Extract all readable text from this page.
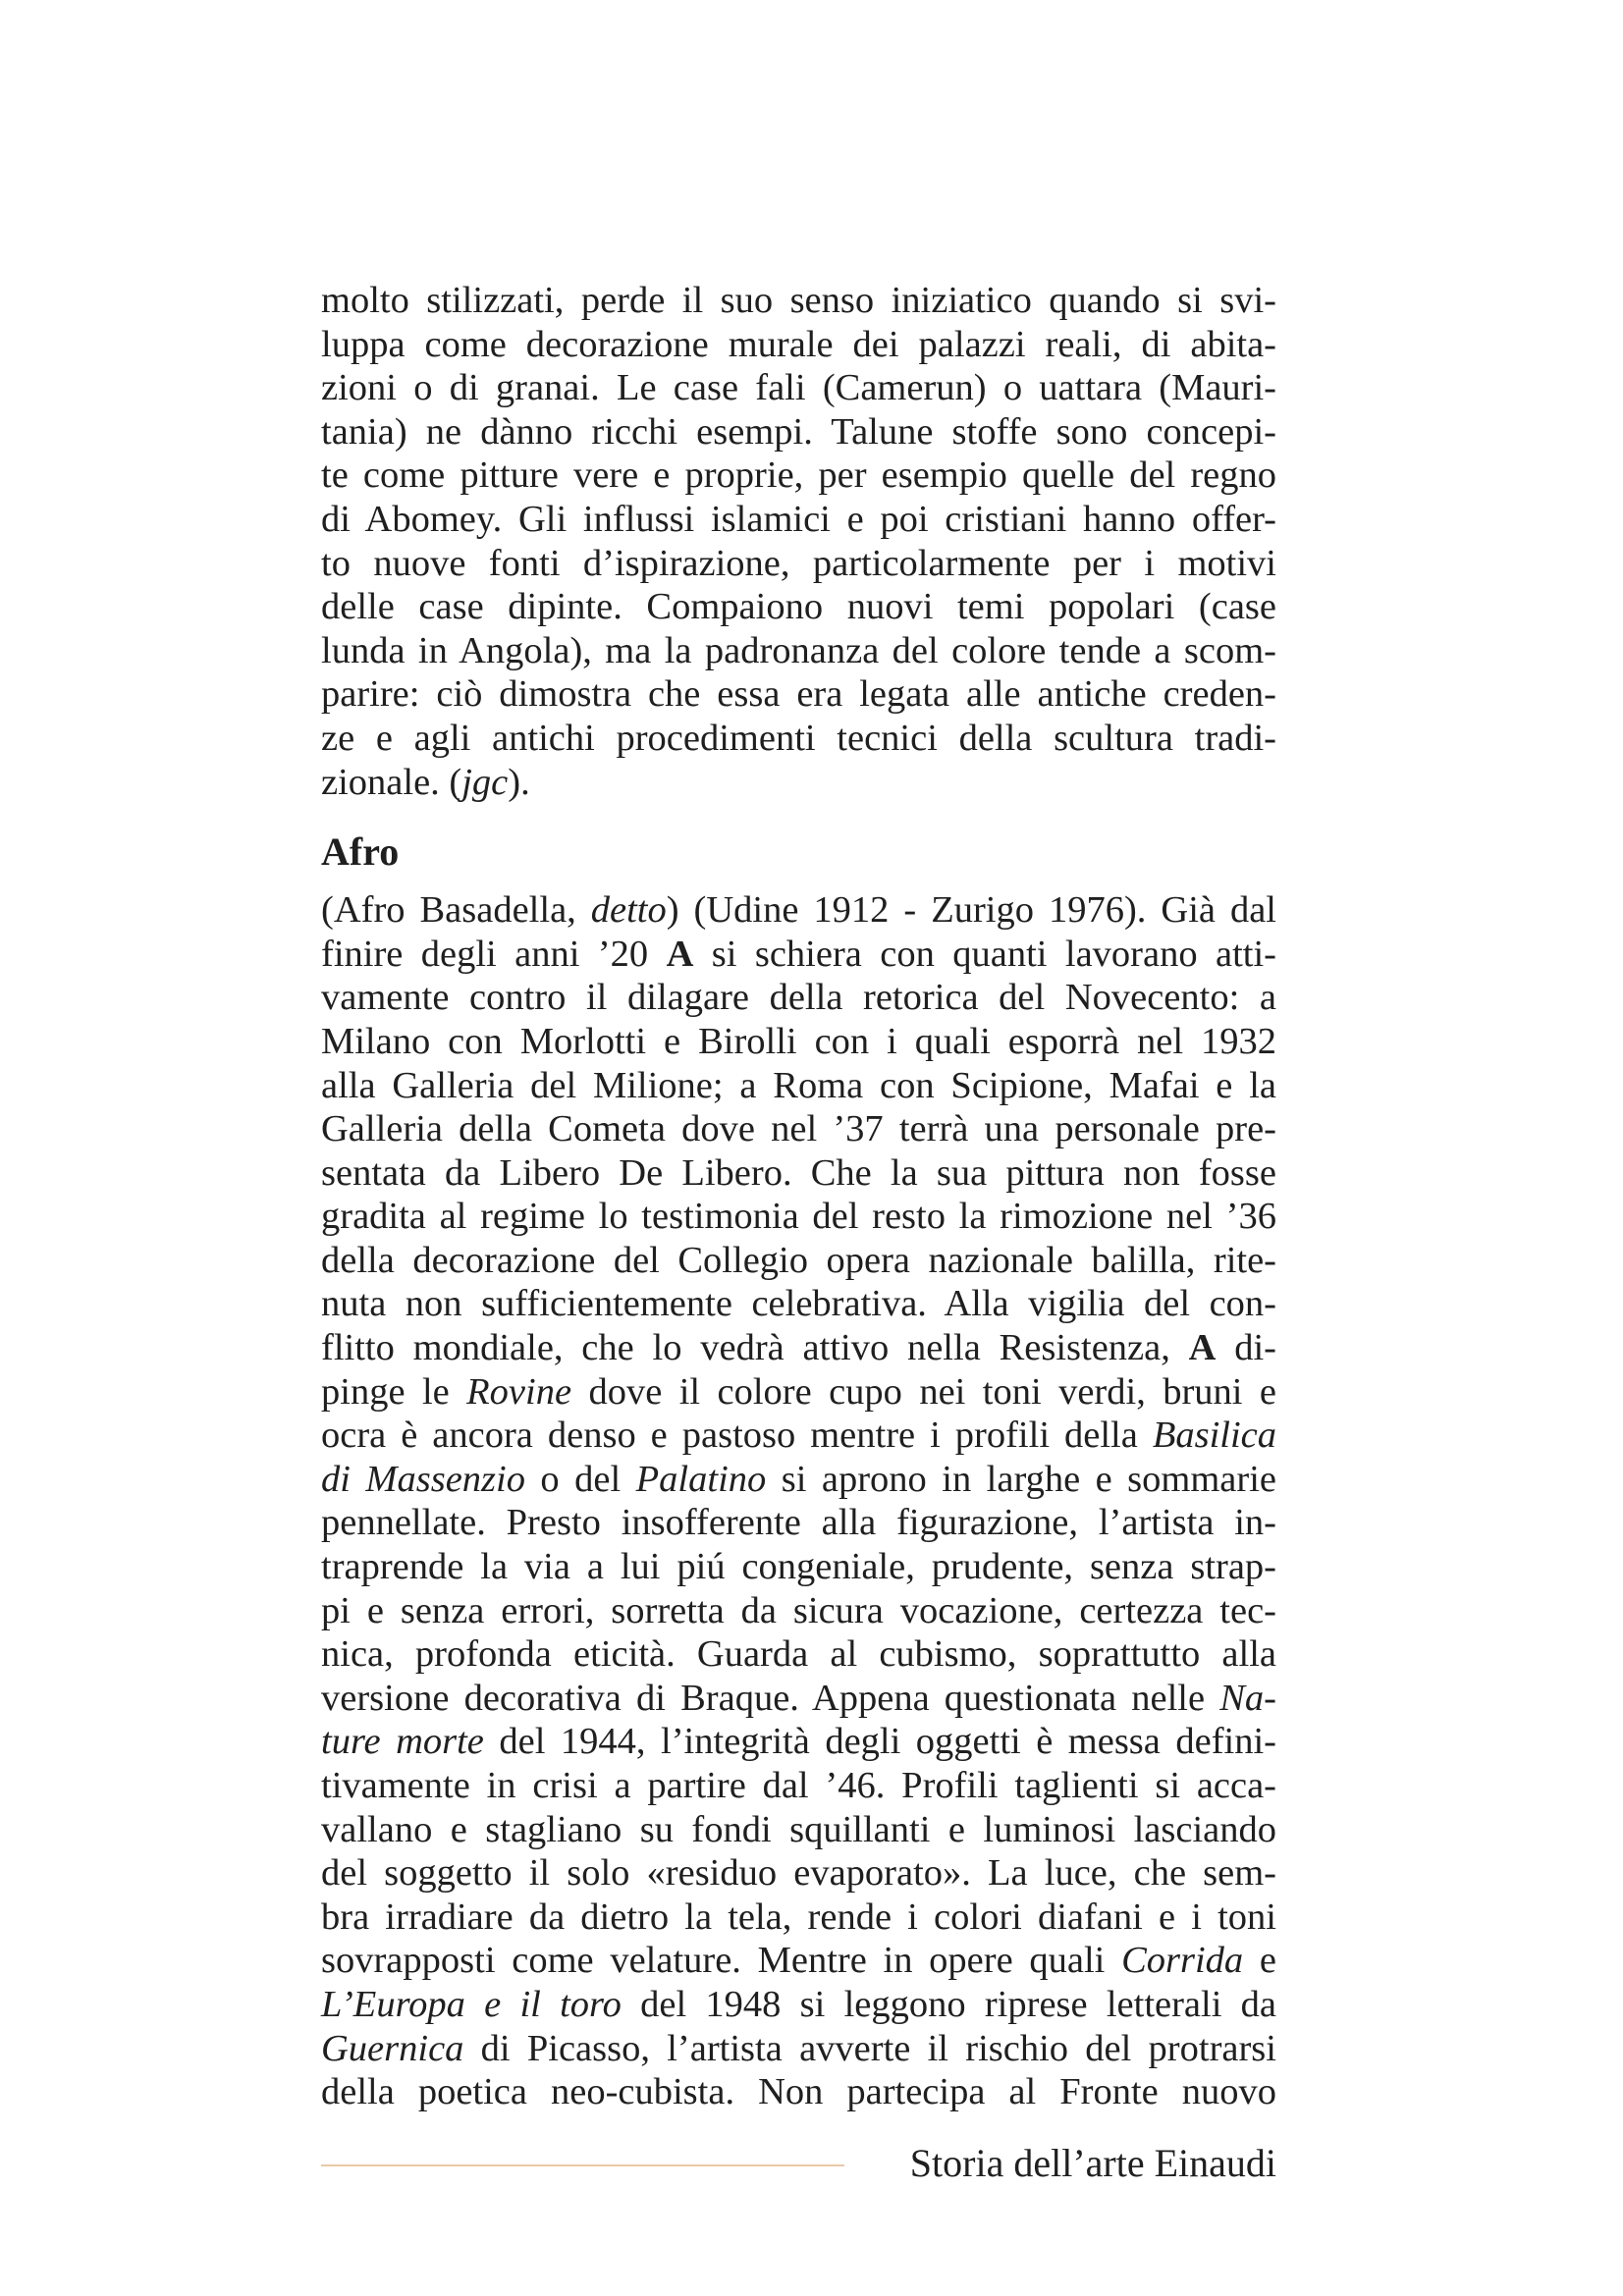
molto stilizzati, perde il suo senso iniziatico quando si svi-
luppa come decorazione murale dei palazzi reali, di abita-
zioni o di granai. Le case fali (Camerun) o uattara (Mauri-
tania) ne dànno ricchi esempi. Talune stoffe sono concepi-
te come pitture vere e proprie, per esempio quelle del regno
di Abomey. Gli influssi islamici e poi cristiani hanno offer-
to nuove fonti d’ispirazione, particolarmente per i motivi
delle case dipinte. Compaiono nuovi temi popolari (case
lunda in Angola), ma la padronanza del colore tende a scom-
parire: ciò dimostra che essa era legata alle antiche creden-
ze e agli antichi procedimenti tecnici della scultura tradi-
zionale. (jgc).
Afro
(Afro Basadella, detto) (Udine 1912 - Zurigo 1976). Già dal
finire degli anni ’20 A si schiera con quanti lavorano atti-
vamente contro il dilagare della retorica del Novecento: a
Milano con Morlotti e Birolli con i quali esporrà nel 1932
alla Galleria del Milione; a Roma con Scipione, Mafai e la
Galleria della Cometa dove nel ’37 terrà una personale pre-
sentata da Libero De Libero. Che la sua pittura non fosse
gradita al regime lo testimonia del resto la rimozione nel ’36
della decorazione del Collegio opera nazionale balilla, rite-
nuta non sufficientemente celebrativa. Alla vigilia del con-
flitto mondiale, che lo vedrà attivo nella Resistenza, A di-
pinge le Rovine dove il colore cupo nei toni verdi, bruni e
ocra è ancora denso e pastoso mentre i profili della Basilica
di Massenzio o del Palatino si aprono in larghe e sommarie
pennellate. Presto insofferente alla figurazione, l’artista in-
traprende la via a lui piú congeniale, prudente, senza strap-
pi e senza errori, sorretta da sicura vocazione, certezza tec-
nica, profonda eticità. Guarda al cubismo, soprattutto alla
versione decorativa di Braque. Appena questionata nelle Na-
ture morte del 1944, l’integrità degli oggetti è messa defini-
tivamente in crisi a partire dal ’46. Profili taglienti si acca-
vallano e stagliano su fondi squillanti e luminosi lasciando
del soggetto il solo «residuo evaporato». La luce, che sem-
bra irradiare da dietro la tela, rende i colori diafani e i toni
sovrapposti come velature. Mentre in opere quali Corrida e
L’Europa e il toro del 1948 si leggono riprese letterali da
Guernica di Picasso, l’artista avverte il rischio del protrarsi
della poetica neo-cubista. Non partecipa al Fronte nuovo
Storia dell’arte Einaudi
